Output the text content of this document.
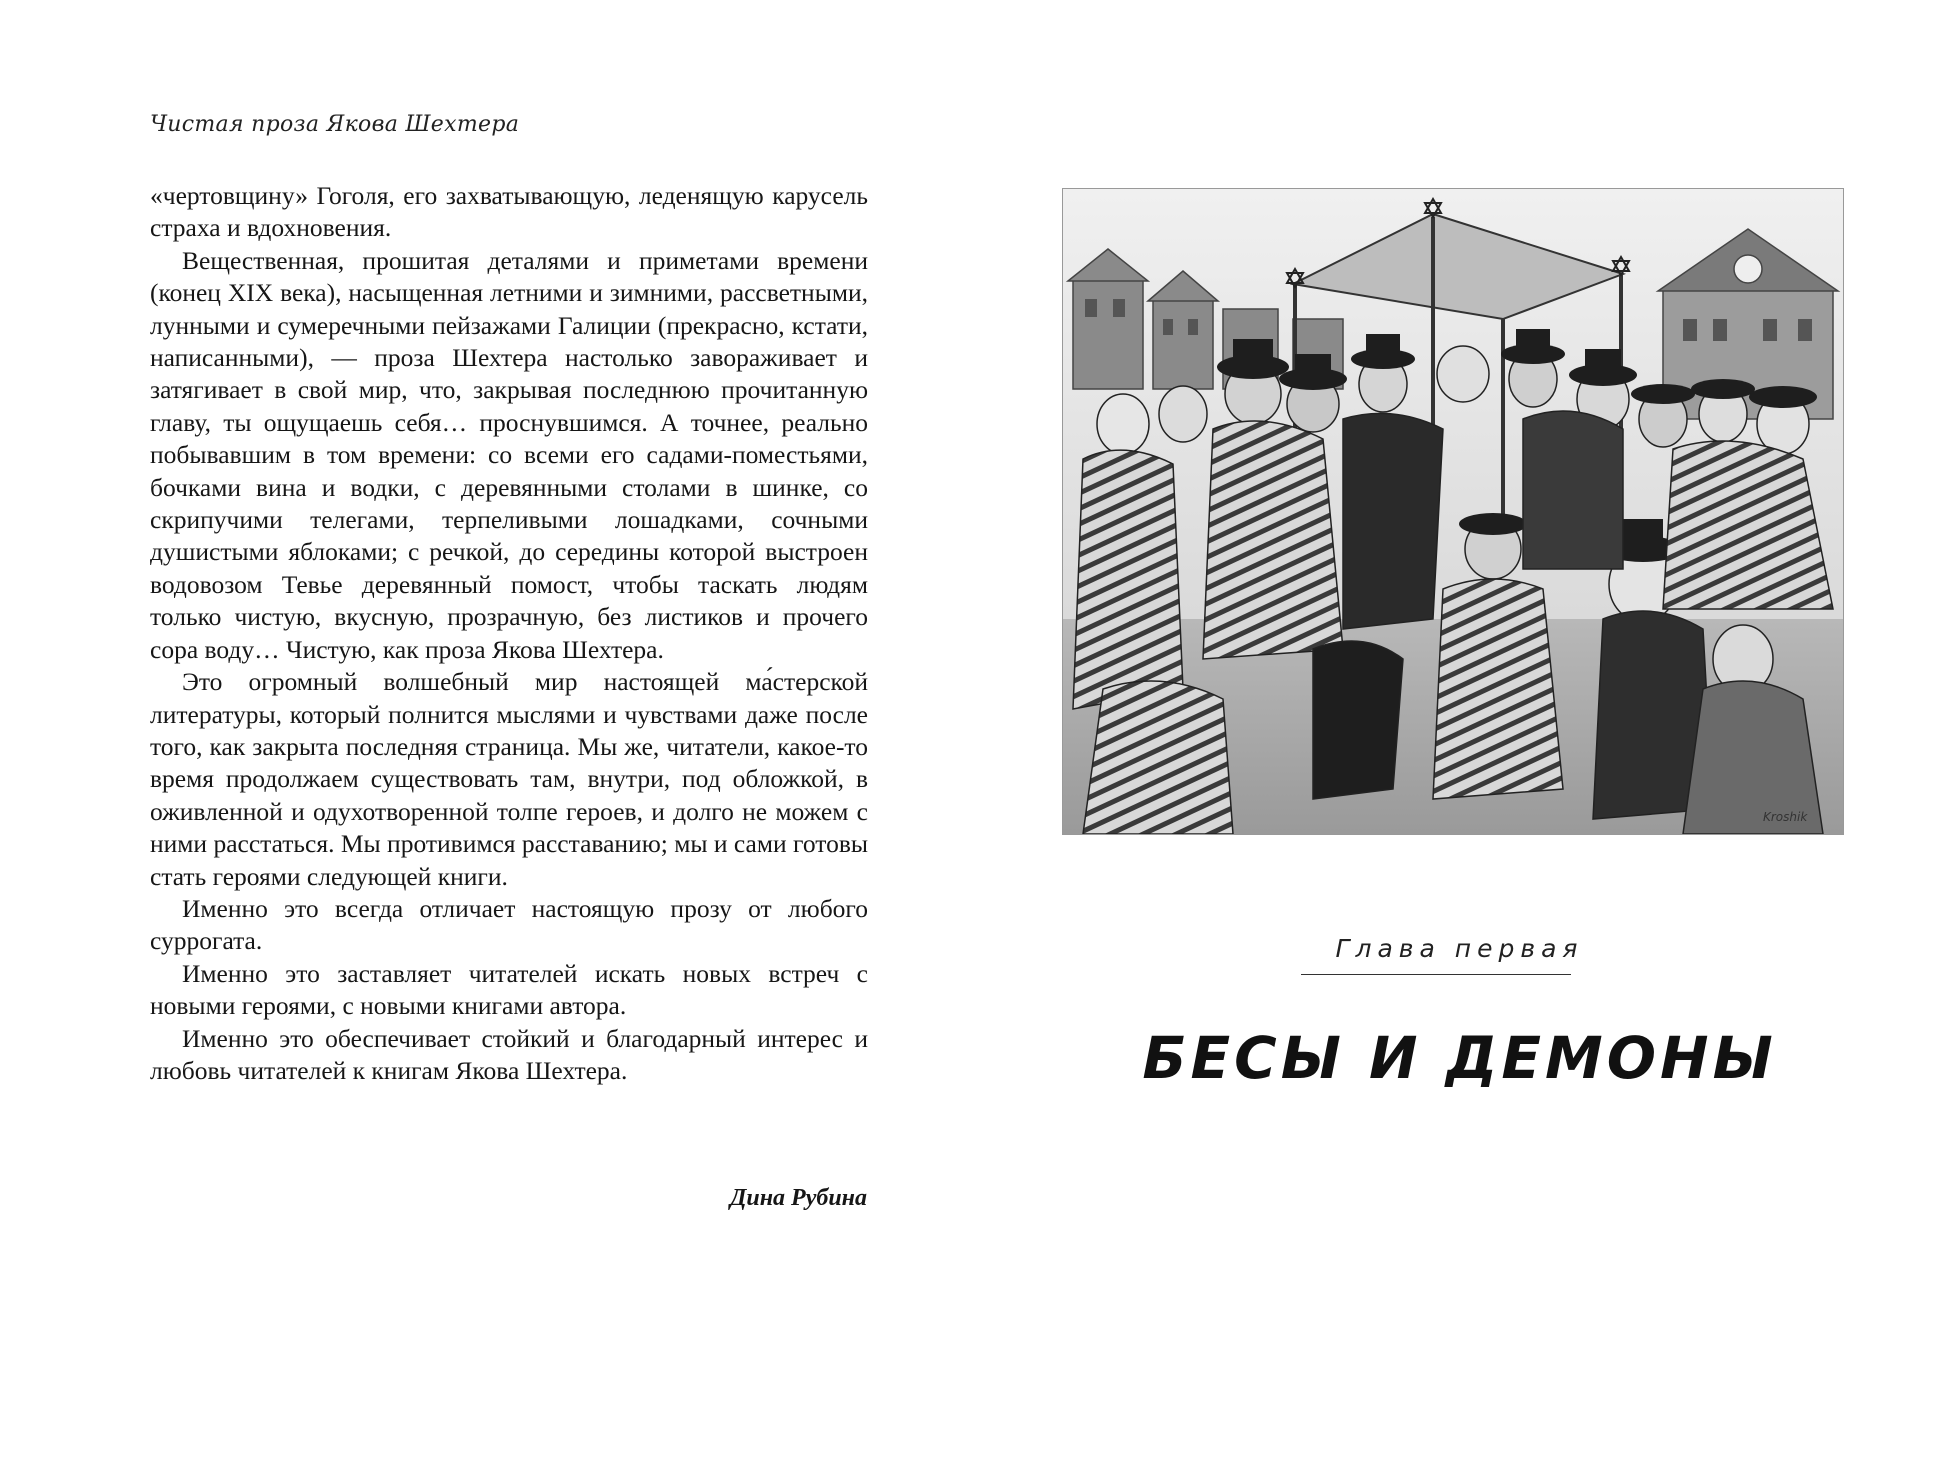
Чистая проза Якова Шехтера

«чертовщину» Гоголя, его захватывающую, леденящую карусель страха и вдохновения.

Вещественная, прошитая деталями и приметами времени (конец XIX века), насыщенная летними и зимними, рассветными, лунными и сумеречными пейзажами Галиции (прекрасно, кстати, написанными), — проза Шехтера настолько завораживает и затягивает в свой мир, что, закрывая последнюю прочитанную главу, ты ощущаешь себя… проснувшимся. А точнее, реально побывавшим в том времени: со всеми его садами-поместьями, бочками вина и водки, с деревянными столами в шинке, со скрипучими телегами, терпеливыми лошадками, сочными душистыми яблоками; с речкой, до середины которой выстроен водовозом Тевье деревянный помост, чтобы таскать людям только чистую, вкусную, прозрачную, без листиков и прочего сора воду… Чистую, как проза Якова Шехтера.

Это огромный волшебный мир настоящей ма́стерской литературы, который полнится мыслями и чувствами даже после того, как закрыта последняя страница. Мы же, читатели, какое-то время продолжаем существовать там, внутри, под обложкой, в оживленной и одухотворенной толпе героев, и долго не можем с ними расстаться. Мы противимся расставанию; мы и сами готовы стать героями следующей книги.

Именно это всегда отличает настоящую прозу от любого суррогата.

Именно это заставляет читателей искать новых встреч с новыми героями, с новыми книгами автора.

Именно это обеспечивает стойкий и благодарный интерес и любовь читателей к книгам Якова Шехтера.

Дина Рубина
Kroshik
Глава первая
БЕСЫ И ДЕМОНЫ
